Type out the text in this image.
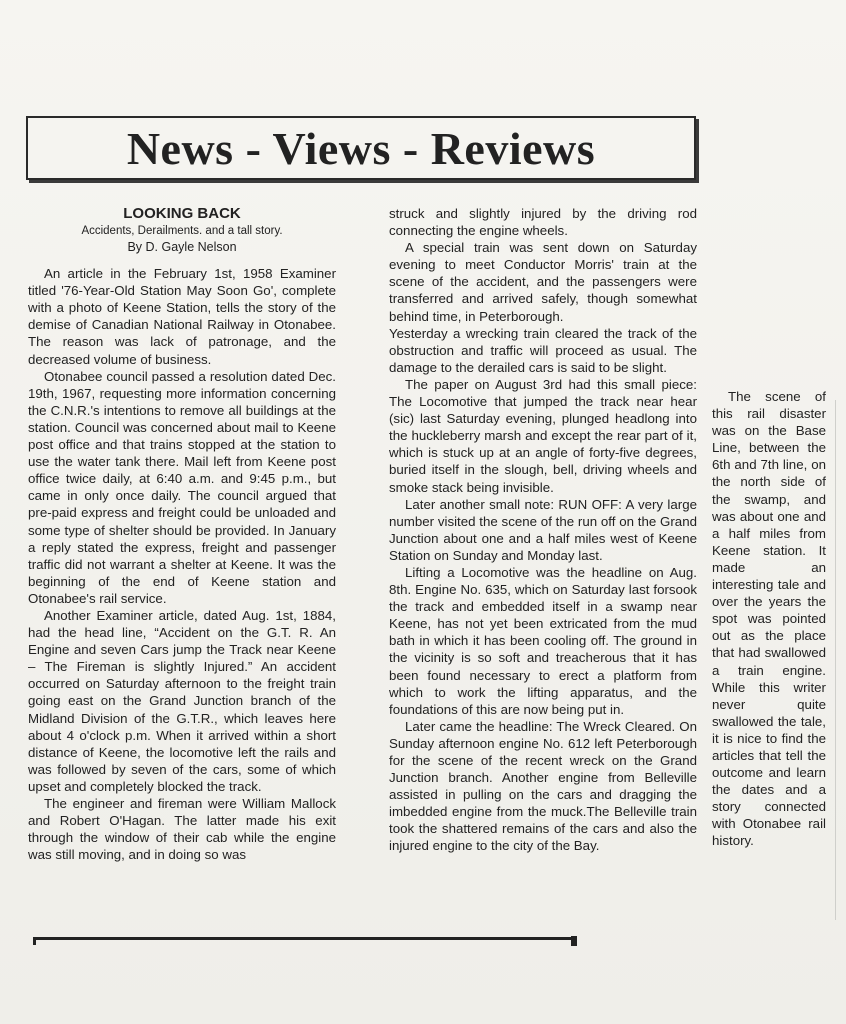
News - Views - Reviews
LOOKING BACK
Accidents, Derailments. and a tall story.
By D. Gayle Nelson

An article in the February 1st, 1958 Examiner titled '76-Year-Old Station May Soon Go', complete with a photo of Keene Station, tells the story of the demise of Canadian National Railway in Otonabee. The reason was lack of patronage, and the decreased volume of business.

Otonabee council passed a resolution dated Dec. 19th, 1967, requesting more information concerning the C.N.R.'s intentions to remove all buildings at the station. Council was concerned about mail to Keene post office and that trains stopped at the station to use the water tank there. Mail left from Keene post office twice daily, at 6:40 a.m. and 9:45 p.m., but came in only once daily. The council argued that pre-paid express and freight could be unloaded and some type of shelter should be provided. In January a reply stated the express, freight and passenger traffic did not warrant a shelter at Keene. It was the beginning of the end of Keene station and Otonabee's rail service.

Another Examiner article, dated Aug. 1st, 1884, had the head line, “Accident on the G.T. R. An Engine and seven Cars jump the Track near Keene – The Fireman is slightly Injured.” An accident occurred on Saturday afternoon to the freight train going east on the Grand Junction branch of the Midland Division of the G.T.R., which leaves here about 4 o'clock p.m. When it arrived within a short distance of Keene, the locomotive left the rails and was followed by seven of the cars, some of which upset and completely blocked the track.

The engineer and fireman were William Mallock and Robert O'Hagan. The latter made his exit through the window of their cab while the engine was still moving, and in doing so was

struck and slightly injured by the driving rod connecting the engine wheels.

A special train was sent down on Saturday evening to meet Conductor Morris' train at the scene of the accident, and the passengers were transferred and arrived safely, though somewhat behind time, in Peterborough.

Yesterday a wrecking train cleared the track of the obstruction and traffic will proceed as usual. The damage to the derailed cars is said to be slight.

The paper on August 3rd had this small piece: The Locomotive that jumped the track near hear (sic) last Saturday evening, plunged headlong into the huckleberry marsh and except the rear part of it, which is stuck up at an angle of forty-five degrees, buried itself in the slough, bell, driving wheels and smoke stack being invisible.

Later another small note: RUN OFF: A very large number visited the scene of the run off on the Grand Junction about one and a half miles west of Keene Station on Sunday and Monday last.

Lifting a Locomotive was the headline on Aug. 8th. Engine No. 635, which on Saturday last forsook the track and embedded itself in a swamp near Keene, has not yet been extricated from the mud bath in which it has been cooling off. The ground in the vicinity is so soft and treacherous that it has been found necessary to erect a platform from which to work the lifting apparatus, and the foundations of this are now being put in.

Later came the headline: The Wreck Cleared. On Sunday afternoon engine No. 612 left Peterborough for the scene of the recent wreck on the Grand Junction branch. Another engine from Belleville assisted in pulling on the cars and dragging the imbedded engine from the muck.The Belleville train took the shattered remains of the cars and also the injured engine to the city of the Bay.

The scene of this rail disaster was on the Base Line, between the 6th and 7th line, on the north side of the swamp, and was about one and a half miles from Keene station. It made an interesting tale and over the years the spot was pointed out as the place that had swallowed a train engine. While this writer never quite swallowed the tale, it is nice to find the articles that tell the outcome and learn the dates and a story connected with Otonabee rail history.
